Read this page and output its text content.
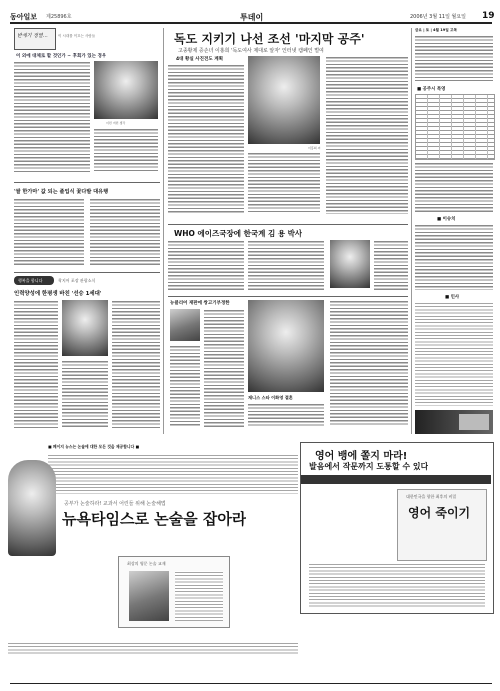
동아일보 제25896호	투데이	2006년 3월 11일 월요일 19
반세기 정열…	이 시대를 이끄는 사람들
이 외에 대체로 할 것인가 ~ 후회가 있는 경우
이런 저런 생각
'쌀 한가마' 값 되는 졸업식 꽃다발 대유행
행복을 합니다	착지어 포장 관광소식
인력양성에 한평생 바친 '선승 1세대'
독도 지키기 나선 조선 '마지막 공주'
고종황제 증손녀 이홍희 '독도여사 제대로 알자' 인터넷 캠페인 벌여
4대 황실 사진전도 계획
이홍희 씨
WHO 에이즈국장에 한국계 김 용 박사
뉴클리어 재판에 쌍고기부정한
재니스 스타 이화영 결혼
금요 | 토 | 4월 19일 고목
■ 공주시 복영
■ 이슈치
■ 인사
영어 뱅에 쫄지 마라!
발음에서 작문까지 도통할 수 있다
대한민국을 향한 최후의 비밀
영어 죽이기
■ 페이지 뉴스는 논술에 대한 모든 것을 제공합니다 ■
공부가 논술하라! 교과서 어린들 위해 논술해법
뉴욕타임스로 논술을 잡아라
최상의 영문 논술 교재
